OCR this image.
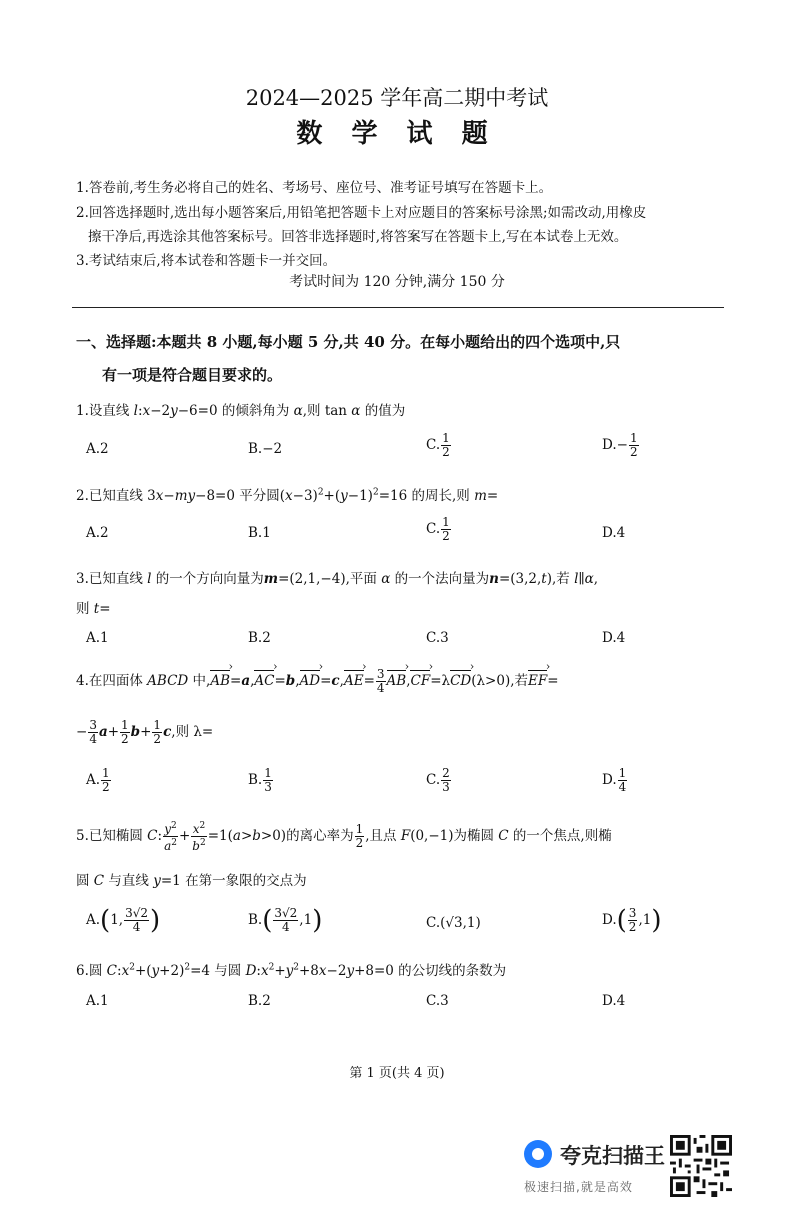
2024—2025 学年高二期中考试
数 学 试 题
1.答卷前,考生务必将自己的姓名、考场号、座位号、准考证号填写在答题卡上。
2.回答选择题时,选出每小题答案后,用铅笔把答题卡上对应题目的答案标号涂黑;如需改动,用橡皮
擦干净后,再选涂其他答案标号。回答非选择题时,将答案写在答题卡上,写在本试卷上无效。
3.考试结束后,将本试卷和答题卡一并交回。
考试时间为 120 分钟,满分 150 分
一、选择题:本题共 8 小题,每小题 5 分,共 40 分。在每小题给出的四个选项中,只
有一项是符合题目要求的。
1.设直线 l:x−2y−6=0 的倾斜角为 α,则 tan α 的值为
A.2	B.−2	C. $\frac{1}{2}$	$D.- \frac{1}{2}$
2.已知直线 3x−my−8=0 平分圆$(x-3)^2+(y-1)^2=16$ 的周长,则 m=
A.2	B.1	C. $\frac{1}{2}$	D.4
3.已知直线 l 的一个方向向量为m=(2,1,−4),平面 α 的一个法向量为n=(3,2,t),若 l∥α,
则 t=
A.1	B.2	C.3	D.4
4.在四面体 ABCD 中,› AB=a,› AC=b,› AD=c,› $AE= \frac{3}{4}$
› AB,› CF=λ› CD(λ>0),若› EF=
− $\frac{3}{4} a+ \frac{1}{2} b+ \frac{1}{2} c$,则 λ=
A. $\frac{1}{2}$	B. $\frac{1}{3}$	C. $\frac{2}{3}$	D. $\frac{1}{4}$
5.已知椭圆 C: $\frac{y^2}{a^2} + \frac{x^2}{b^2} =1(a>b>0)$的离心率为 $\frac{1}{2}$ ,且点 F(0,−1)为椭圆 C 的一个焦点,则椭
圆 C 与直线 y=1 在第一象限的交点为
A.(1, $\frac{3√2}{4}$ )	$B.( \frac{3√2}{4} ,1)$	C.(√3,1)	$D.( \frac{3}{2} ,1)$
6.圆 $C:x^2+(y+2)^2=4$ 与圆 $D:x^2+y^2+8x-2y+8=0$ 的公切线的条数为
A.1	B.2	C.3	D.4
第 1 页(共 4 页)
夸克扫描王
极速扫描,就是高效
